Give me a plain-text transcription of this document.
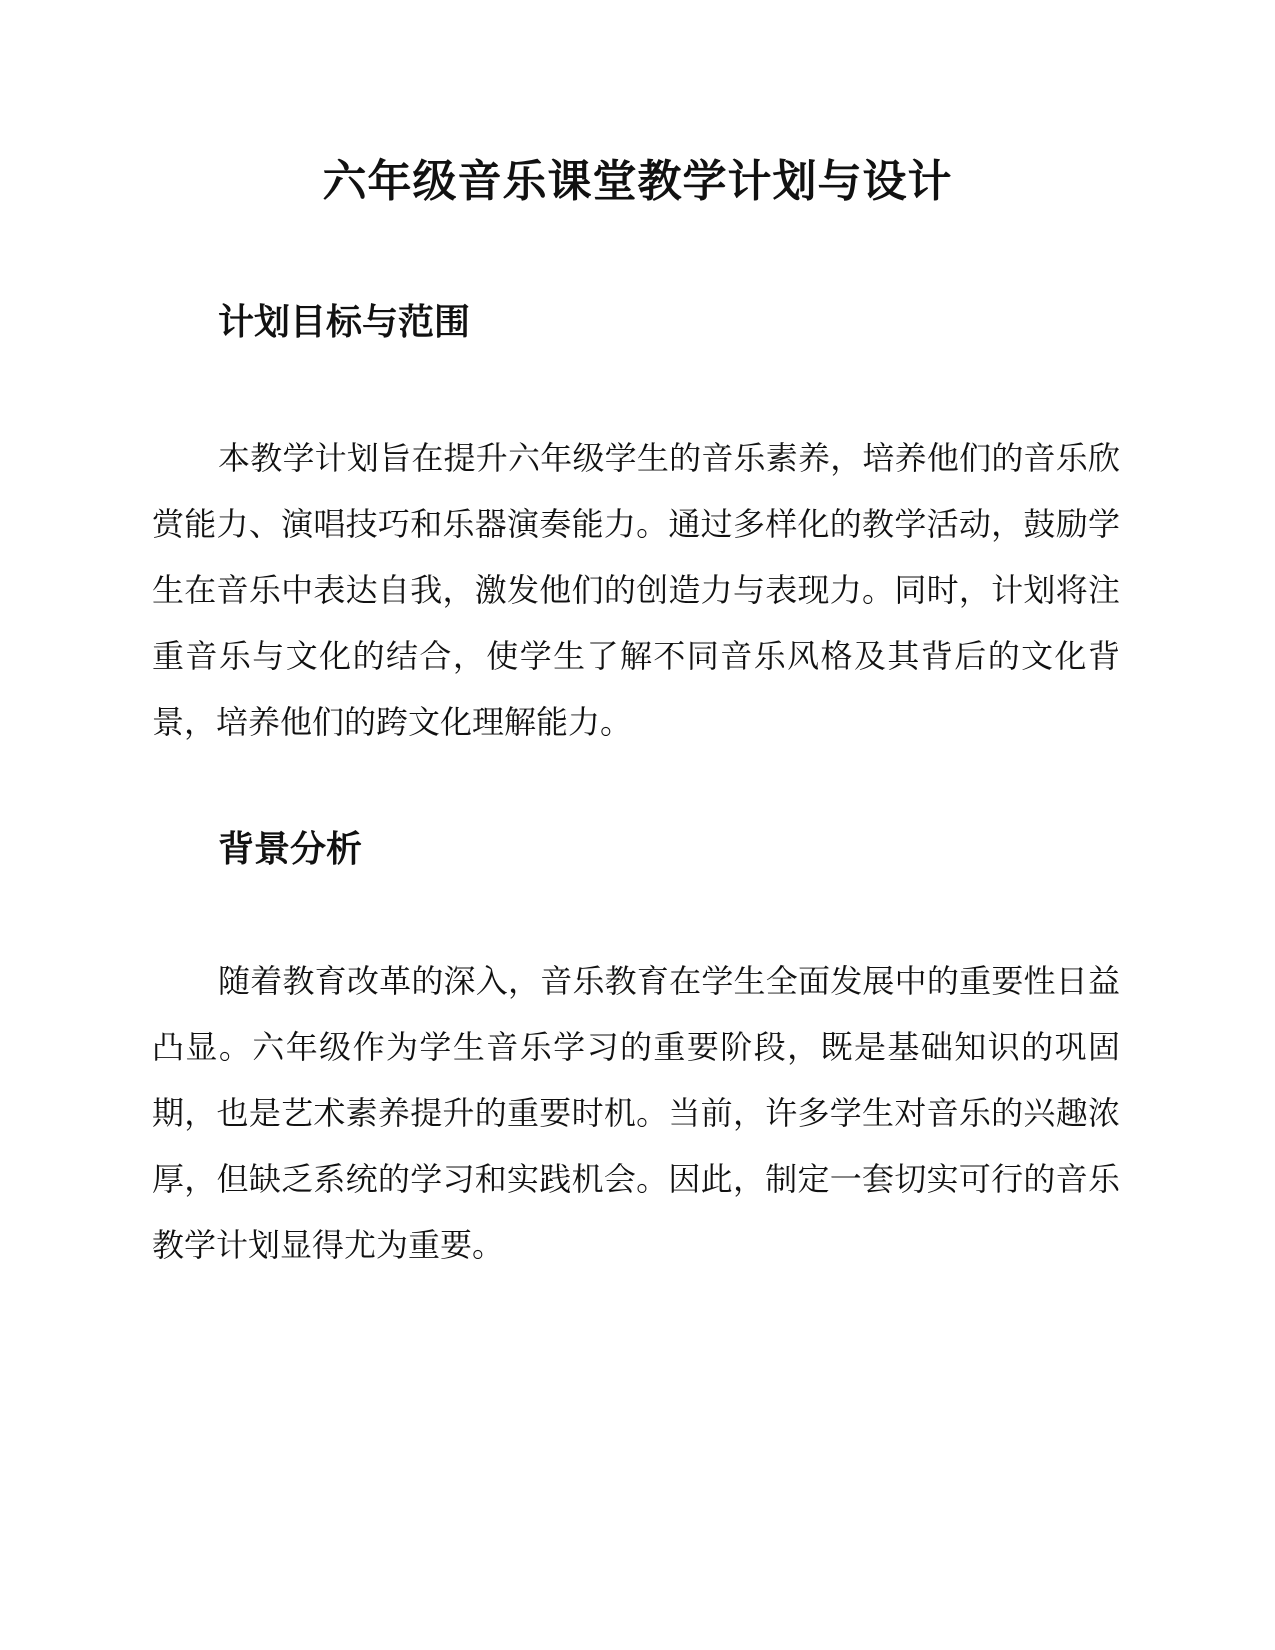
六年级音乐课堂教学计划与设计
计划目标与范围

本教学计划旨在提升六年级学生的音乐素养，培养他们的音乐欣赏能力、演唱技巧和乐器演奏能力。通过多样化的教学活动，鼓励学生在音乐中表达自我，激发他们的创造力与表现力。同时，计划将注重音乐与文化的结合，使学生了解不同音乐风格及其背后的文化背景，培养他们的跨文化理解能力。

背景分析

随着教育改革的深入，音乐教育在学生全面发展中的重要性日益凸显。六年级作为学生音乐学习的重要阶段，既是基础知识的巩固期，也是艺术素养提升的重要时机。当前，许多学生对音乐的兴趣浓厚，但缺乏系统的学习和实践机会。因此，制定一套切实可行的音乐教学计划显得尤为重要。
